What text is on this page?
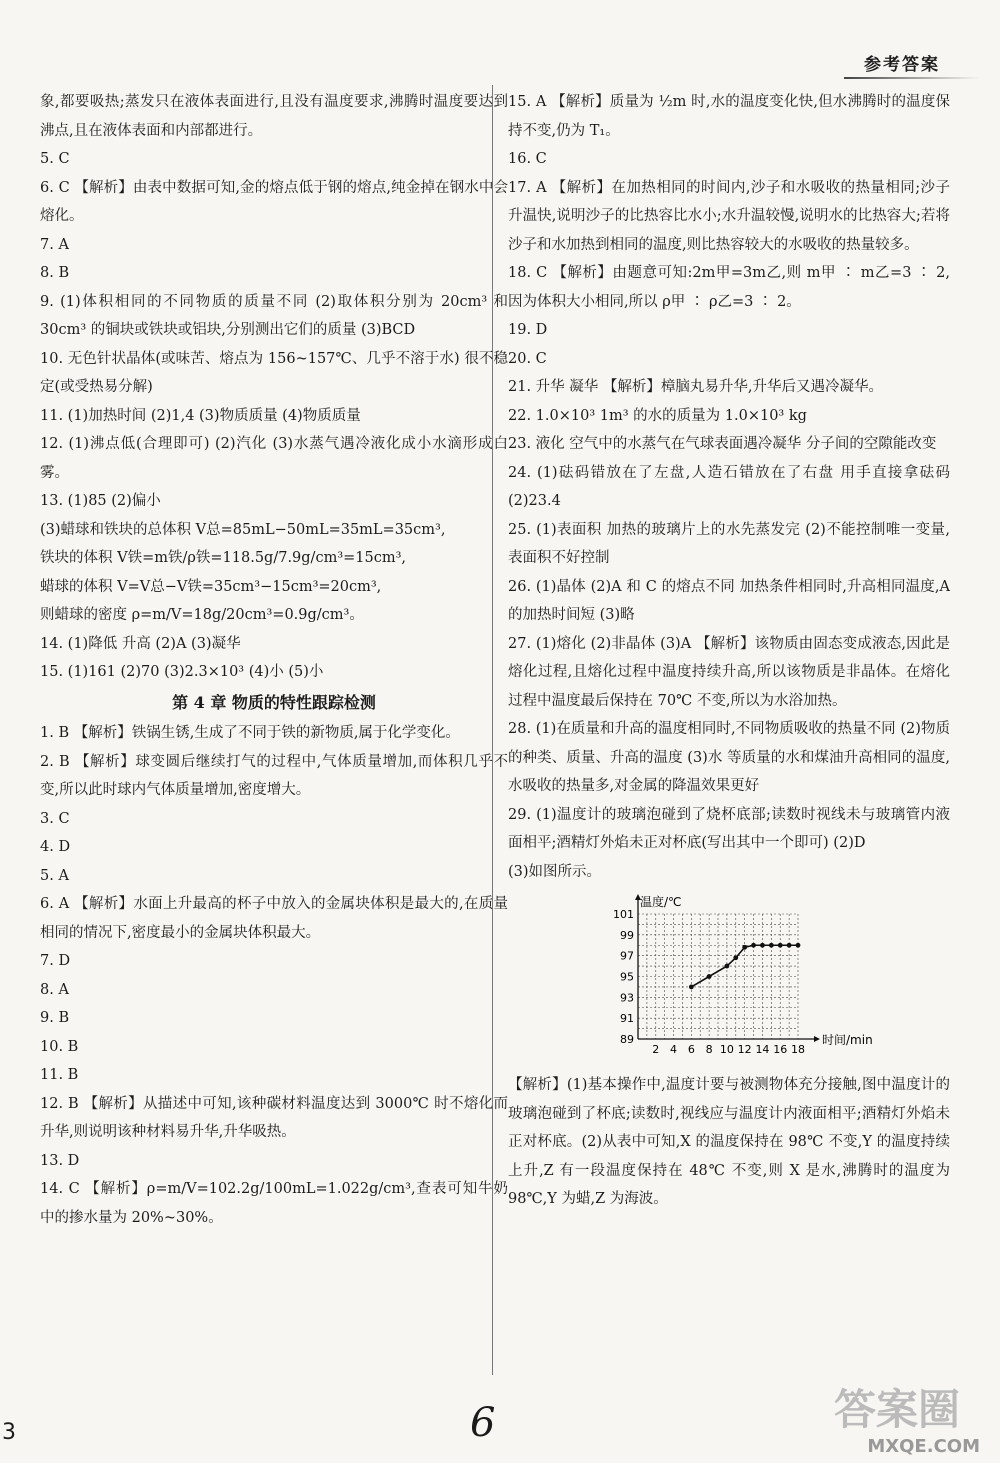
参考答案

象,都要吸热;蒸发只在液体表面进行,且没有温度要求,沸腾时温度要达到沸点,且在液体表面和内部都进行。

5. C

6. C 【解析】由表中数据可知,金的熔点低于钢的熔点,纯金掉在钢水中会熔化。

7. A

8. B

9. (1)体积相同的不同物质的质量不同 (2)取体积分别为 20cm³ 和 30cm³ 的铜块或铁块或铝块,分别测出它们的质量 (3)BCD

10. 无色针状晶体(或味苦、熔点为 156~157℃、几乎不溶于水) 很不稳定(或受热易分解)

11. (1)加热时间 (2)1,4 (3)物质质量 (4)物质质量

12. (1)沸点低(合理即可) (2)汽化 (3)水蒸气遇冷液化成小水滴形成白雾。

13. (1)85 (2)偏小

(3)蜡球和铁块的总体积 V总=85mL−50mL=35mL=35cm³,

铁块的体积 V铁=m铁/ρ铁=118.5g/7.9g/cm³=15cm³,

蜡球的体积 V=V总−V铁=35cm³−15cm³=20cm³,

则蜡球的密度 ρ=m/V=18g/20cm³=0.9g/cm³。

14. (1)降低 升高 (2)A (3)凝华

15. (1)161 (2)70 (3)2.3×10³ (4)小 (5)小

第 4 章 物质的特性跟踪检测

1. B 【解析】铁锅生锈,生成了不同于铁的新物质,属于化学变化。

2. B 【解析】球变圆后继续打气的过程中,气体质量增加,而体积几乎不变,所以此时球内气体质量增加,密度增大。

3. C

4. D

5. A

6. A 【解析】水面上升最高的杯子中放入的金属块体积是最大的,在质量相同的情况下,密度最小的金属块体积最大。

7. D

8. A

9. B

10. B

11. B

12. B 【解析】从描述中可知,该种碳材料温度达到 3000℃ 时不熔化而升华,则说明该种材料易升华,升华吸热。

13. D

14. C 【解析】ρ=m/V=102.2g/100mL=1.022g/cm³,查表可知牛奶中的掺水量为 20%~30%。

15. A 【解析】质量为 ½m 时,水的温度变化快,但水沸腾时的温度保持不变,仍为 T₁。

16. C

17. A 【解析】在加热相同的时间内,沙子和水吸收的热量相同;沙子升温快,说明沙子的比热容比水小;水升温较慢,说明水的比热容大;若将沙子和水加热到相同的温度,则比热容较大的水吸收的热量较多。

18. C 【解析】由题意可知:2m甲=3m乙,则 m甲 ∶ m乙=3 ∶ 2,因为体积大小相同,所以 ρ甲 ∶ ρ乙=3 ∶ 2。

19. D

20. C

21. 升华 凝华 【解析】樟脑丸易升华,升华后又遇冷凝华。

22. 1.0×10³ 1m³ 的水的质量为 1.0×10³ kg

23. 液化 空气中的水蒸气在气球表面遇冷凝华 分子间的空隙能改变

24. (1)砝码错放在了左盘,人造石错放在了右盘 用手直接拿砝码 (2)23.4

25. (1)表面积 加热的玻璃片上的水先蒸发完 (2)不能控制唯一变量,表面积不好控制

26. (1)晶体 (2)A 和 C 的熔点不同 加热条件相同时,升高相同温度,A 的加热时间短 (3)略

27. (1)熔化 (2)非晶体 (3)A 【解析】该物质由固态变成液态,因此是熔化过程,且熔化过程中温度持续升高,所以该物质是非晶体。在熔化过程中温度最后保持在 70℃ 不变,所以为水浴加热。

28. (1)在质量和升高的温度相同时,不同物质吸收的热量不同 (2)物质的种类、质量、升高的温度 (3)水 等质量的水和煤油升高相同的温度,水吸收的热量多,对金属的降温效果更好

29. (1)温度计的玻璃泡碰到了烧杯底部;读数时视线未与玻璃管内液面相平;酒精灯外焰未正对杯底(写出其中一个即可) (2)D

(3)如图所示。

2 4 6 8 10 12 14 16 18
89
91
93
95
97
99
101
温度/℃
时间/min

【解析】(1)基本操作中,温度计要与被测物体充分接触,图中温度计的玻璃泡碰到了杯底;读数时,视线应与温度计内液面相平;酒精灯外焰未正对杯底。(2)从表中可知,X 的温度保持在 98℃ 不变,Y 的温度持续上升,Z 有一段温度保持在 48℃ 不变,则 X 是水,沸腾时的温度为 98℃,Y 为蜡,Z 为海波。

3	6	答案圈
MXQE.COM
